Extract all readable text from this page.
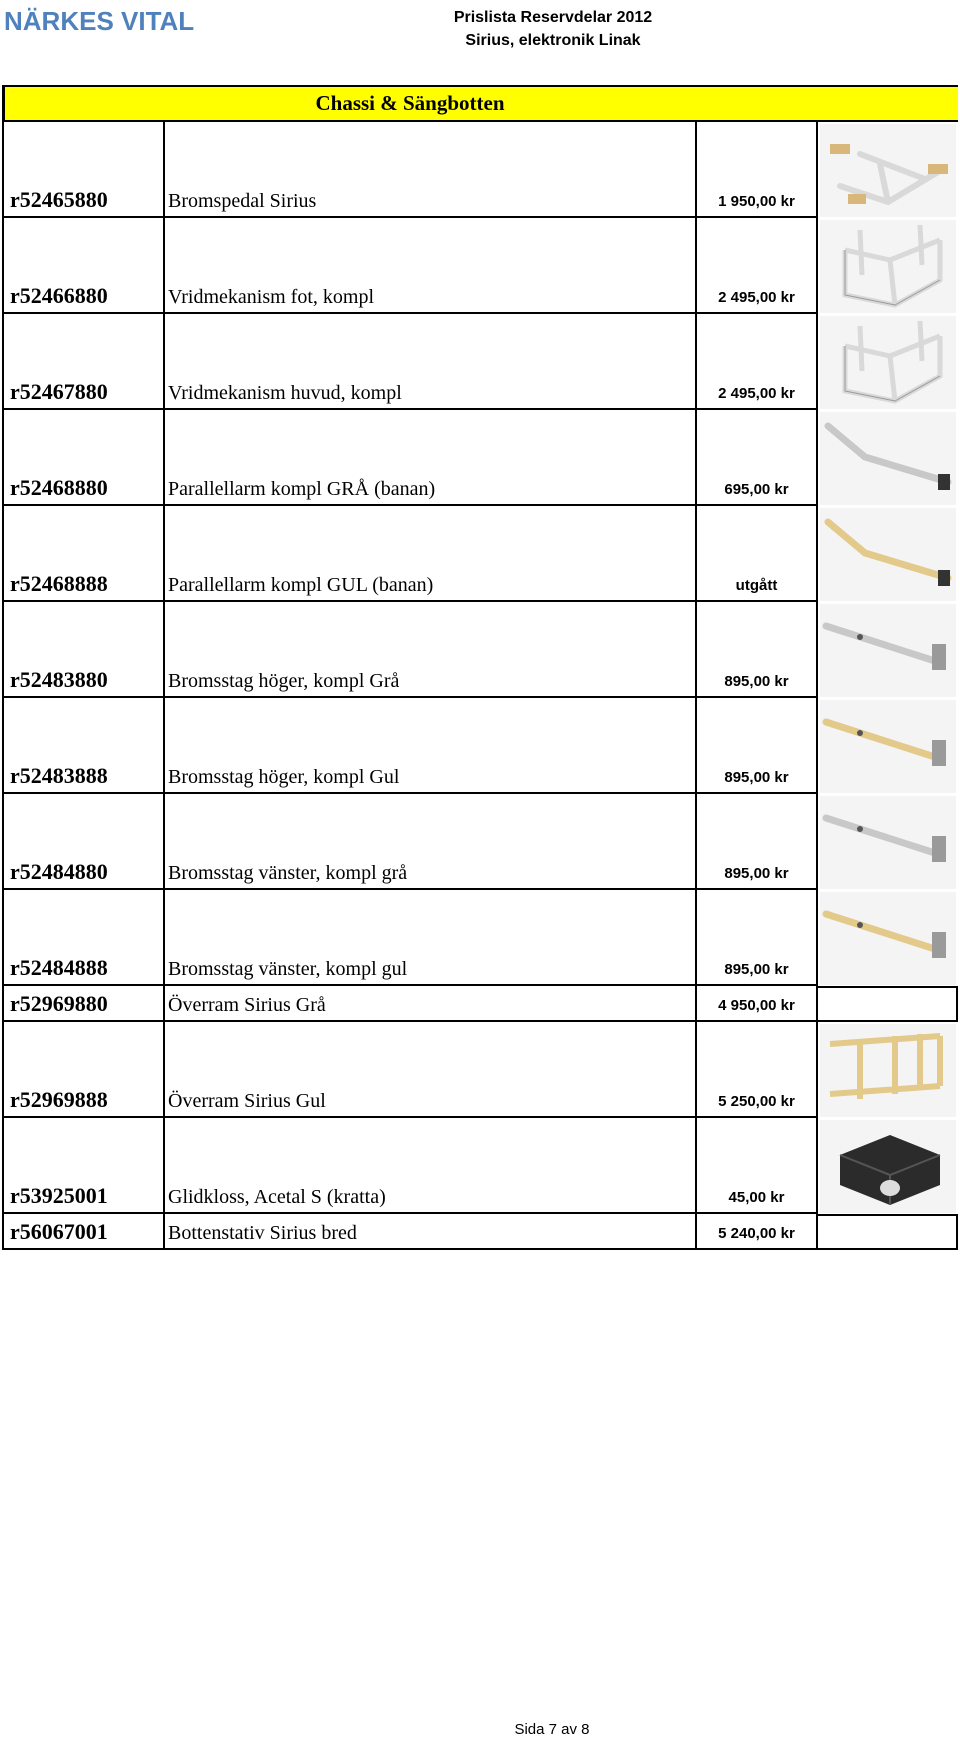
NÄRKES VITAL	Prislista Reservdelar 2012
Sirius, elektronik Linak
Chassi & Sängbotten
r52465880	Bromspedal Sirius	1 950,00 kr
r52466880	Vridmekanism fot, kompl	2 495,00 kr
r52467880	Vridmekanism huvud, kompl	2 495,00 kr
r52468880	Parallellarm kompl GRÅ (banan)	695,00 kr
r52468888	Parallellarm kompl GUL (banan)	utgått
r52483880	Bromsstag höger, kompl Grå	895,00 kr
r52483888	Bromsstag höger, kompl Gul	895,00 kr
r52484880	Bromsstag vänster, kompl grå	895,00 kr
r52484888	Bromsstag vänster, kompl gul	895,00 kr
r52969880	Överram Sirius Grå	4 950,00 kr
r52969888	Överram Sirius Gul	5 250,00 kr
r53925001	Glidkloss, Acetal S (kratta)	45,00 kr
r56067001	Bottenstativ Sirius bred	5 240,00 kr
Sida 7 av 8
